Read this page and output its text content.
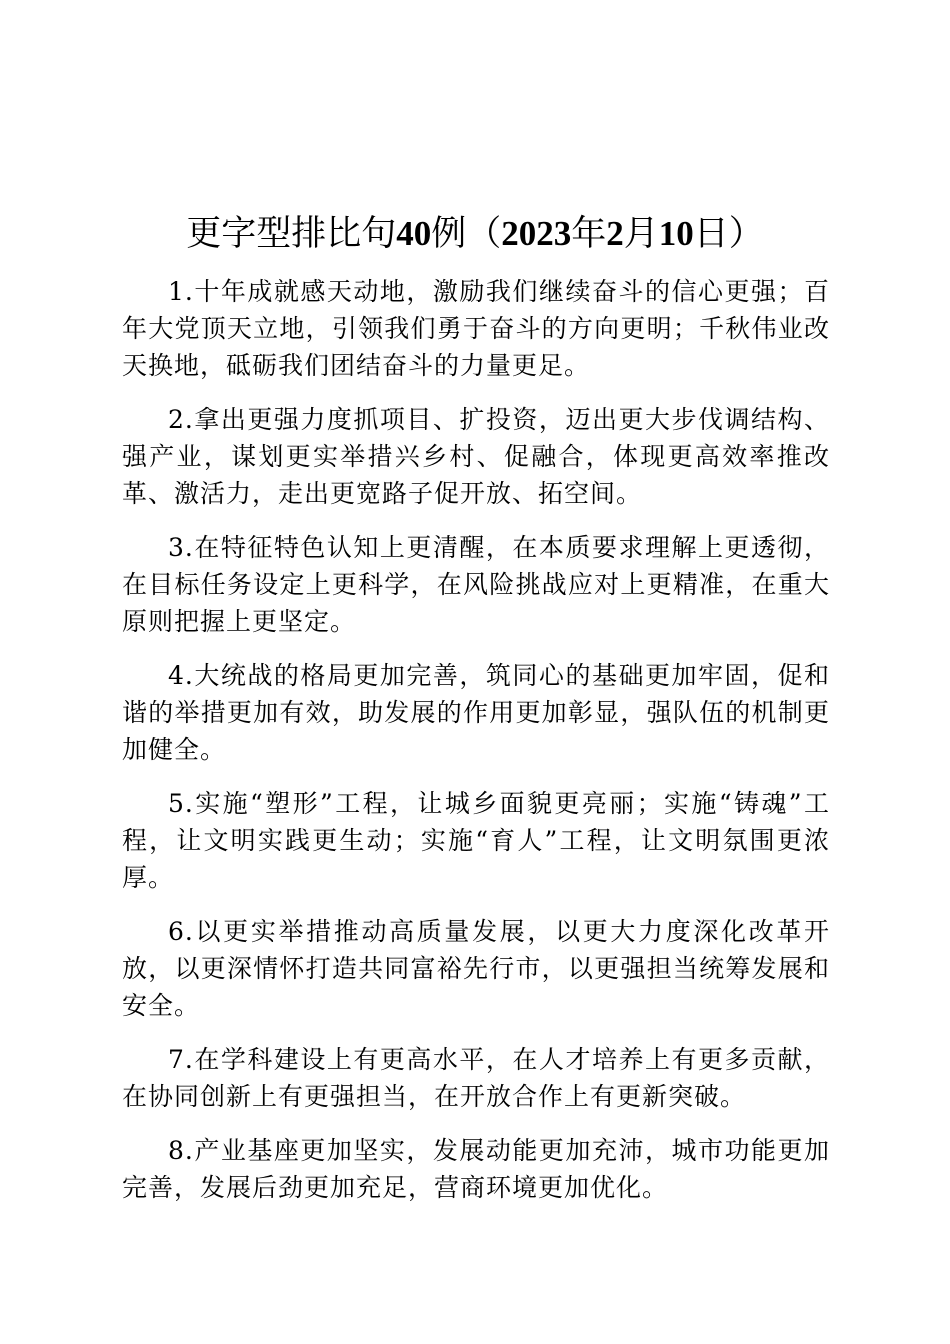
更字型排比句40例（2023年2月10日）

1.十年成就感天动地，激励我们继续奋斗的信心更强；百年大党顶天立地，引领我们勇于奋斗的方向更明；千秋伟业改天换地，砥砺我们团结奋斗的力量更足。

2.拿出更强力度抓项目、扩投资，迈出更大步伐调结构、强产业，谋划更实举措兴乡村、促融合，体现更高效率推改革、激活力，走出更宽路子促开放、拓空间。

3.在特征特色认知上更清醒，在本质要求理解上更透彻，在目标任务设定上更科学，在风险挑战应对上更精准，在重大原则把握上更坚定。

4.大统战的格局更加完善，筑同心的基础更加牢固，促和谐的举措更加有效，助发展的作用更加彰显，强队伍的机制更加健全。

5.实施“塑形”工程，让城乡面貌更亮丽；实施“铸魂”工程，让文明实践更生动；实施“育人”工程，让文明氛围更浓厚。

6.以更实举措推动高质量发展，以更大力度深化改革开放，以更深情怀打造共同富裕先行市，以更强担当统筹发展和安全。

7.在学科建设上有更高水平，在人才培养上有更多贡献，在协同创新上有更强担当，在开放合作上有更新突破。

8.产业基座更加坚实，发展动能更加充沛，城市功能更加完善，发展后劲更加充足，营商环境更加优化。
